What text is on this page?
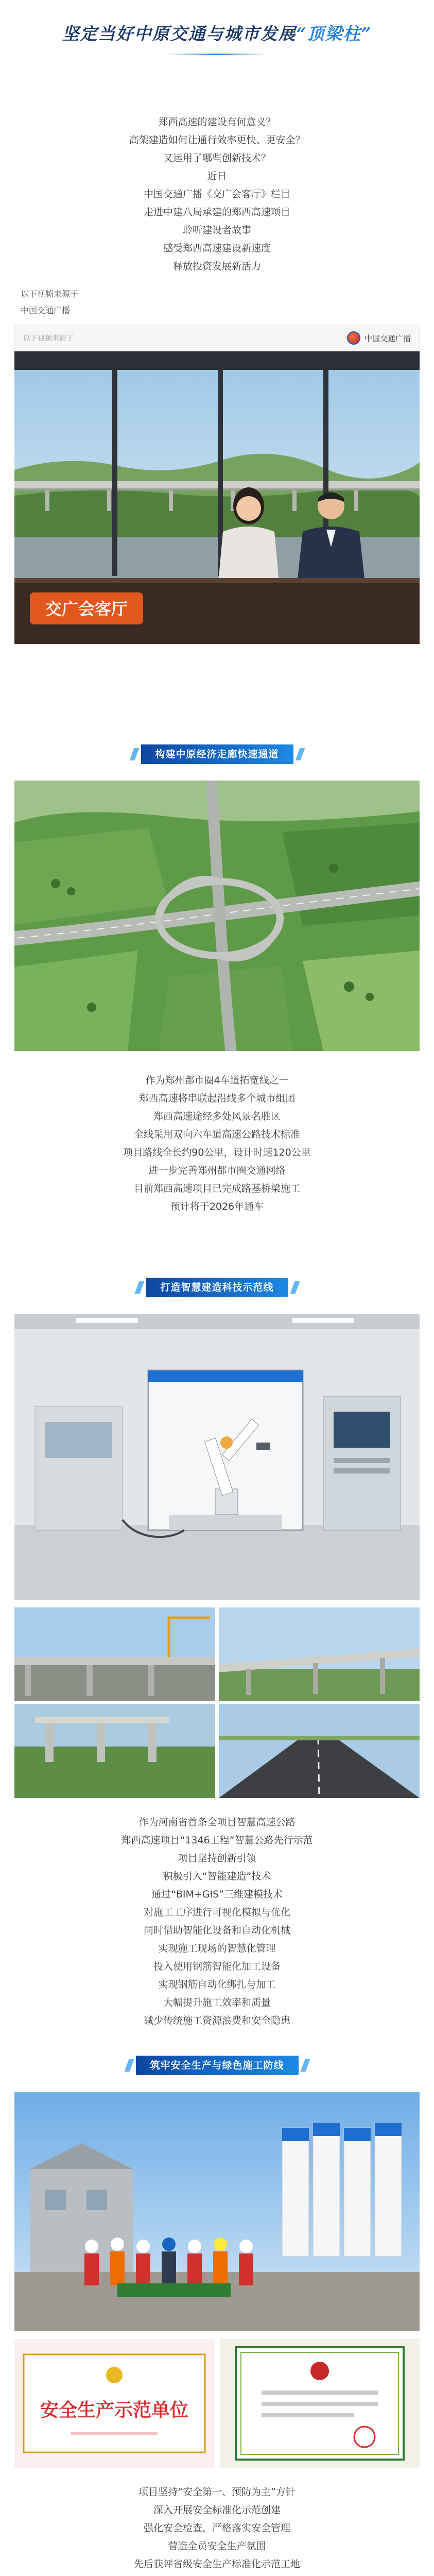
坚定当好中原交通与城市发展“顶梁柱”

郑西高速的建设有何意义？

高架建造如何让通行效率更快、更安全？

又运用了哪些创新技术？

近日

中国交通广播《交广会客厅》栏目

走进中建八局承建的郑西高速项目

聆听建设者故事

感受郑西高速建设新速度

释放投资发展新活力

以下视频来源于

中国交通广播

以下视频来源于	中国交通广播
交广会客厅
构建中原经济走廊快速通道

作为郑州都市圈4车道拓宽线之一

郑西高速将串联起沿线多个城市组团

郑西高速途经多处风景名胜区

全线采用双向六车道高速公路技术标准

项目路线全长约90公里，设计时速120公里

进一步完善郑州都市圈交通网络

目前郑西高速项目已完成路基桥梁施工

预计将于2026年通车

打造智慧建造科技示范线

作为河南省首条全项目智慧高速公路

郑西高速项目“1346工程”智慧公路先行示范

项目坚持创新引领

积极引入“智能建造”技术

通过“BIM+GIS”三维建模技术

对施工工序进行可视化模拟与优化

同时借助智能化设备和自动化机械

实现施工现场的智慧化管理

投入使用钢筋智能化加工设备

实现钢筋自动化绑扎与加工

大幅提升施工效率和质量

减少传统施工资源浪费和安全隐患

筑牢安全生产与绿色施工防线
安全生产示范单位

项目坚持“安全第一、预防为主”方针

深入开展安全标准化示范创建

强化安全检查，严格落实安全管理

营造全员安全生产氛围

先后获评省级安全生产标准化示范工地
